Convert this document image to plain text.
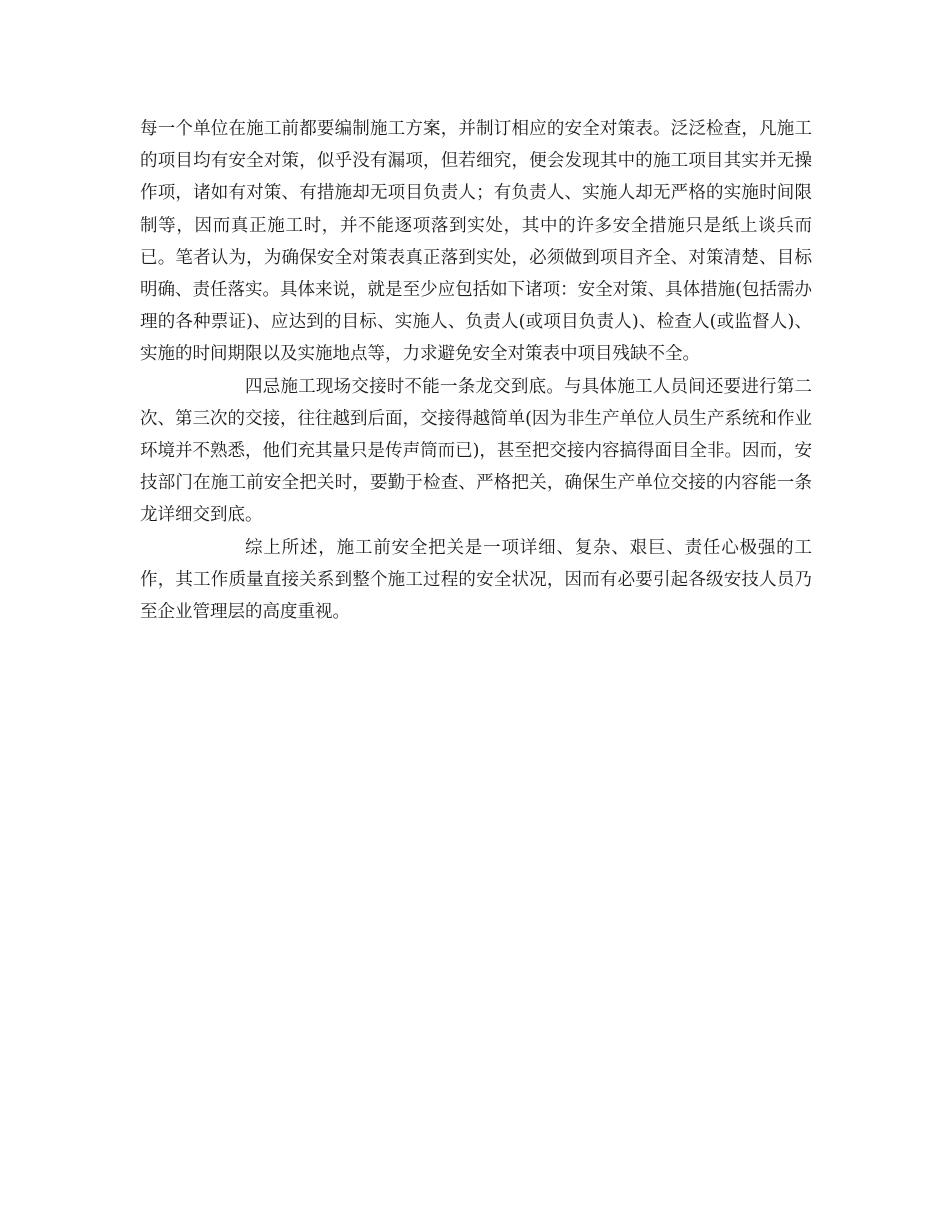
每一个单位在施工前都要编制施工方案，并制订相应的安全对策表。泛泛检查，凡施工的项目均有安全对策，似乎没有漏项，但若细究，便会发现其中的施工项目其实并无操作项，诸如有对策、有措施却无项目负责人；有负责人、实施人却无严格的实施时间限制等，因而真正施工时，并不能逐项落到实处，其中的许多安全措施只是纸上谈兵而已。笔者认为，为确保安全对策表真正落到实处，必须做到项目齐全、对策清楚、目标明确、责任落实。具体来说，就是至少应包括如下诸项：安全对策、具体措施(包括需办理的各种票证)、应达到的目标、实施人、负责人(或项目负责人)、检查人(或监督人)、实施的时间期限以及实施地点等，力求避免安全对策表中项目残缺不全。

四忌施工现场交接时不能一条龙交到底。与具体施工人员间还要进行第二次、第三次的交接，往往越到后面，交接得越简单(因为非生产单位人员生产系统和作业环境并不熟悉，他们充其量只是传声筒而已)，甚至把交接内容搞得面目全非。因而，安技部门在施工前安全把关时，要勤于检查、严格把关，确保生产单位交接的内容能一条龙详细交到底。

综上所述，施工前安全把关是一项详细、复杂、艰巨、责任心极强的工作，其工作质量直接关系到整个施工过程的安全状况，因而有必要引起各级安技人员乃至企业管理层的高度重视。
